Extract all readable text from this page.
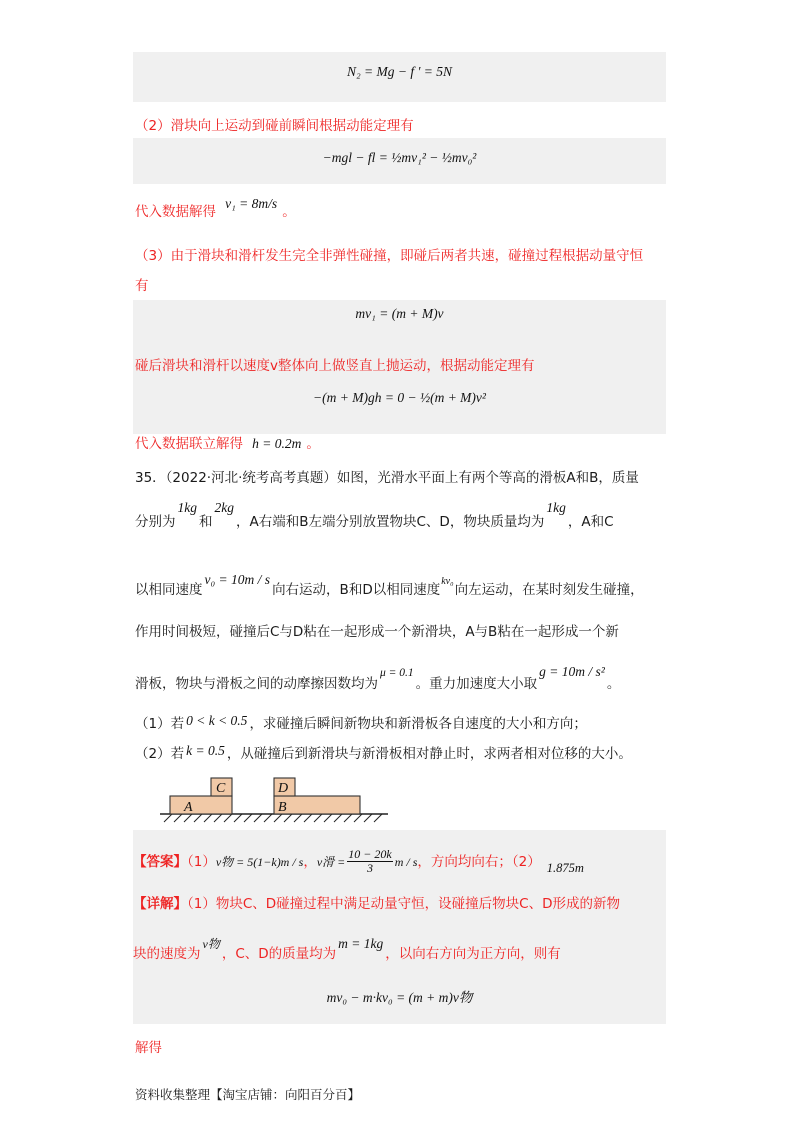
N₂ = Mg − f ′ = 5N
（2）滑块向上运动到碰前瞬间根据动能定理有
−mgl − fl = ½mv₁² − ½mv₀²
代入数据解得 $^{v_1 = 8m/s}$ 。
（3）由于滑块和滑杆发生完全非弹性碰撞，即碰后两者共速，碰撞过程根据动量守恒
有
mv₁ = (m + M)v
碰后滑块和滑杆以速度v整体向上做竖直上抛运动，根据动能定理有
−(m + M)gh = 0 − ½(m + M)v²
代入数据联立解得 h = 0.2m 。
35．（2022·河北·统考高考真题）如图，光滑水平面上有两个等高的滑板A和B，质量
分别为1kg和2kg，A右端和B左端分别放置物块C、D，物块质量均为1kg，A和C
以相同速度v₀ = 10m / s向右运动，B和D以相同速度$^{kv_0}$向左运动，在某时刻发生碰撞，
作用时间极短，碰撞后C与D粘在一起形成一个新滑块，A与B粘在一起形成一个新
滑板，物块与滑板之间的动摩擦因数均为μ = 0.1。重力加速度大小取g = 10m / s²。
（1）若 0 < k < 0.5 ，求碰撞后瞬间新物块和新滑板各自速度的大小和方向；
（2）若 k = 0.5 ，从碰撞后到新滑块与新滑板相对静止时，求两者相对位移的大小。
C
A
D
B
【答案】（1）v物 = 5(1−k)m / s，v滑 = $\frac{10 - 20k}{3}$ m / s，方向均向右；（2） $_{1.875m}$
【详解】（1）物块C、D碰撞过程中满足动量守恒，设碰撞后物块C、D形成的新物
块的速度为$^{v物}$，C、D的质量均为$^{m = 1kg}$，以向右方向为正方向，则有
mv₀ − m·kv₀ = (m + m)v物
解得
资料收集整理【淘宝店铺：向阳百分百】
